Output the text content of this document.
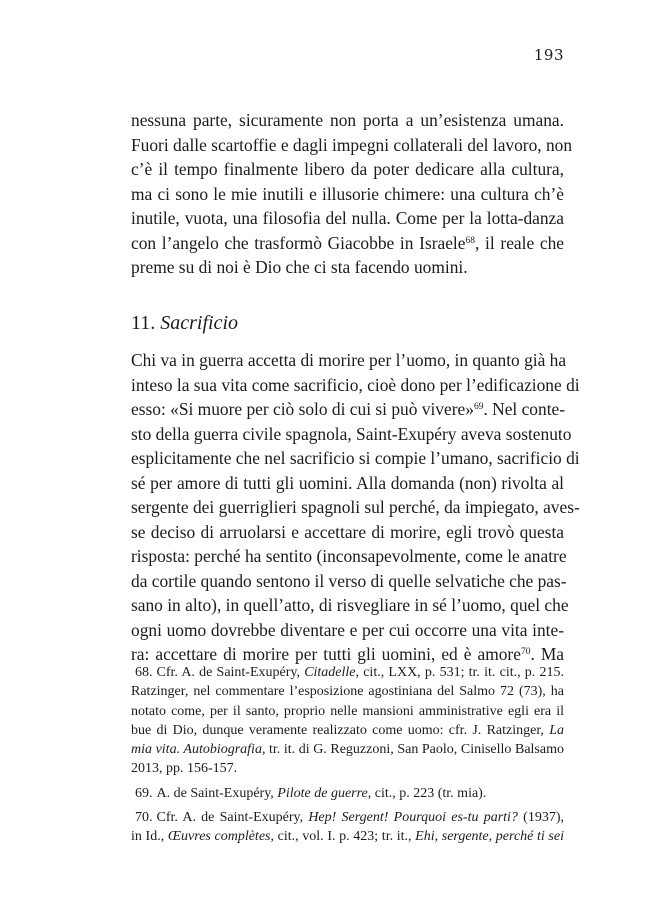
193
nessuna parte, sicuramente non porta a un’esistenza umana.
Fuori dalle scartoffie e dagli impegni collaterali del lavoro, non
c’è il tempo finalmente libero da poter dedicare alla cultura,
ma ci sono le mie inutili e illusorie chimere: una cultura ch’è
inutile, vuota, una filosofia del nulla. Come per la lotta-danza
con l’angelo che trasformò Giacobbe in Israele$^{68}$, il reale che
preme su di noi è Dio che ci sta facendo uomini.
11. Sacrificio
Chi va in guerra accetta di morire per l’uomo, in quanto già ha
inteso la sua vita come sacrificio, cioè dono per l’edificazione di
esso: «Si muore per ciò solo di cui si può vivere»$^{69}$. Nel conte-
sto della guerra civile spagnola, Saint-Exupéry aveva sostenuto
esplicitamente che nel sacrificio si compie l’umano, sacrificio di
sé per amore di tutti gli uomini. Alla domanda (non) rivolta al
sergente dei guerriglieri spagnoli sul perché, da impiegato, aves-
se deciso di arruolarsi e accettare di morire, egli trovò questa
risposta: perché ha sentito (inconsapevolmente, come le anatre
da cortile quando sentono il verso di quelle selvatiche che pas-
sano in alto), in quell’atto, di risvegliare in sé l’uomo, quel che
ogni uomo dovrebbe diventare e per cui occorre una vita inte-
ra: accettare di morire per tutti gli uomini, ed è amore$^{70}$. Ma
68. Cfr. A. de Saint-Exupéry, Citadelle, cit., LXX, p. 531; tr. it. cit., p. 215.
Ratzinger, nel commentare l’esposizione agostiniana del Salmo 72 (73), ha
notato come, per il santo, proprio nelle mansioni amministrative egli era il
bue di Dio, dunque veramente realizzato come uomo: cfr. J. Ratzinger, La
mia vita. Autobiografia, tr. it. di G. Reguzzoni, San Paolo, Cinisello Balsamo
2013, pp. 156-157.
69. A. de Saint-Exupéry, Pilote de guerre, cit., p. 223 (tr. mia).
70. Cfr. A. de Saint-Exupéry, Hep! Sergent! Pourquoi es-tu parti? (1937),
in Id., Œuvres complètes, cit., vol. I. p. 423; tr. it., Ehi, sergente, perché ti sei
